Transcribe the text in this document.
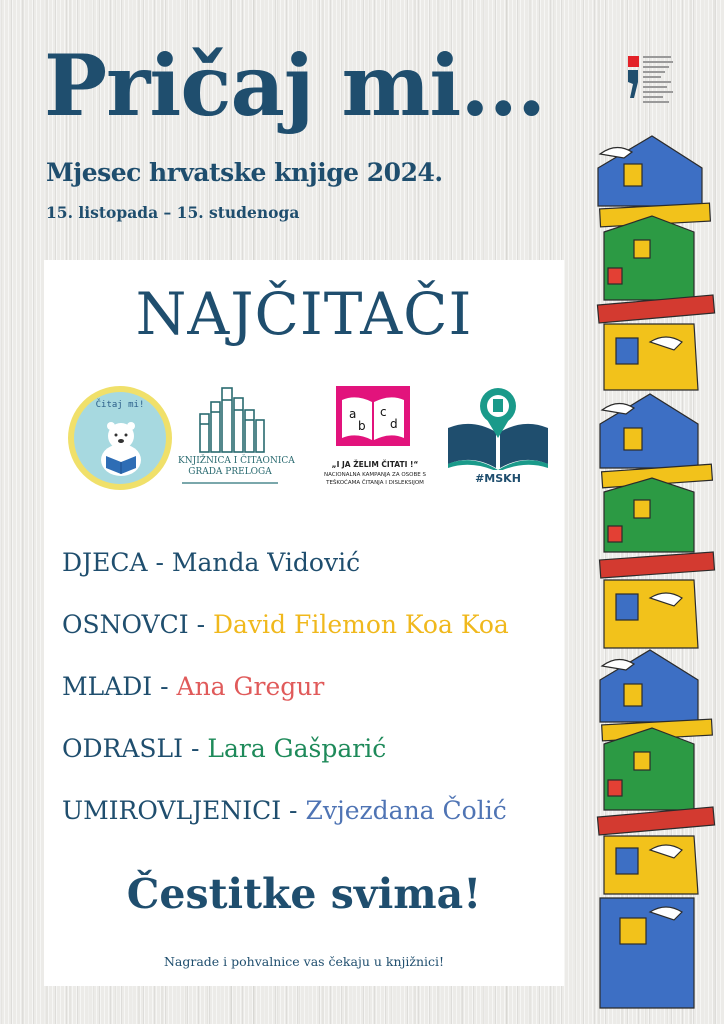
Pričaj mi...
Mjesec hrvatske knjige 2024.
15. listopada – 15. studenoga
NAJČITAČI
Čitaj mi!
KNJIŽNICA I ČITAONICA
GRADA PRELOGA
a
b
c
d
„I JA ŽELIM ČITATI !“
NACIONALNA KAMPANJA ZA OSOBE S
TEŠKOĆAMA ČITANJA I DISLEKSIJOM	#MSKH
DJECA - Manda Vidović
OSNOVCI - David Filemon Koa Koa
MLADI - Ana Gregur
ODRASLI - Lara Gašparić
UMIROVLJENICI - Zvjezdana Čolić
Čestitke svima!
Nagrade i pohvalnice vas čekaju u knjižnici!
